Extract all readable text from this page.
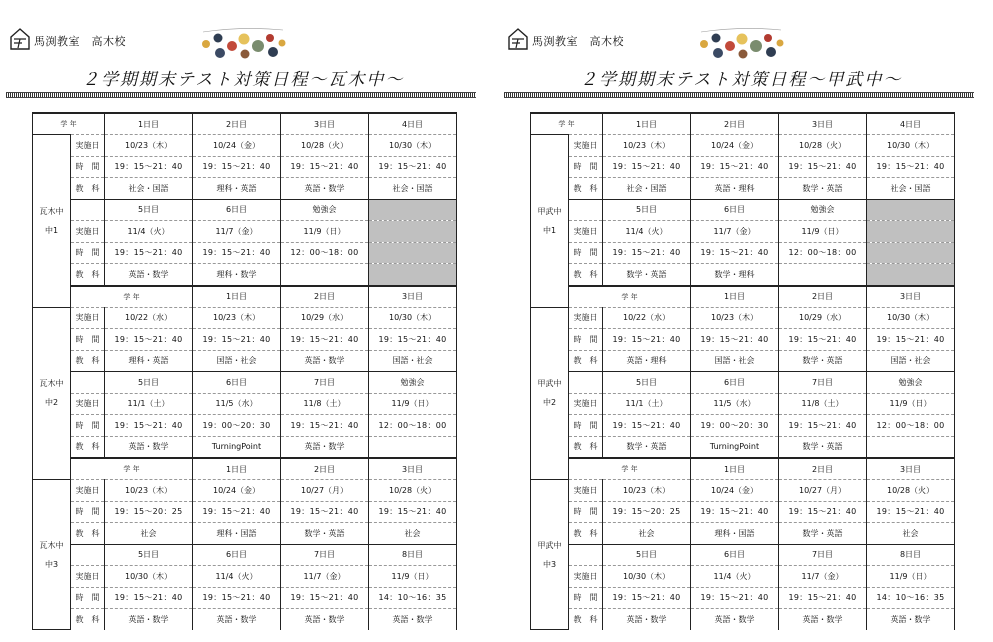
馬渕教室　高木校
２学期期末テスト対策日程～瓦木中～
学 年		1日目	2日目	3日目	4日目	

瓦木中
中1	実施日	10/23（木）	10/24（金）	10/28（火）	10/30（木）	
	時　間	19：15～21：40	19：15～21：40	19：15～21：40	19：15～21：40	
	教　科	社会・国語	理科・英語	英語・数学	社会・国語	
		5日目	6日目	勉強会		
	実施日	11/4（火）	11/7（金）	11/9（日）		
	時　間	19：15～21：40	19：15～21：40	12：00～18：00		
	教　科	英語・数学	理科・数学			
	学 年		1日目	2日目	3日目	

瓦木中
中2	実施日	10/22（水）	10/23（木）	10/29（水）	10/30（木）	
	時　間	19：15～21：40	19：15～21：40	19：15～21：40	19：15～21：40	
	教　科	理科・英語	国語・社会	英語・数学	国語・社会	
		5日目	6日目	7日目	勉強会	
	実施日	11/1（土）	11/5（水）	11/8（土）	11/9（日）	
	時　間	19：15～21：40	19：00～20：30	19：15～21：40	12：00～18：00	
	教　科	英語・数学	TurningPoint	英語・数学		
	学 年		1日目	2日目	3日目	

瓦木中
中3	実施日	10/23（木）	10/24（金）	10/27（月）	10/28（火）	
	時　間	19：15～20：25	19：15～21：40	19：15～21：40	19：15～21：40	
	教　科	社会	理科・国語	数学・英語	社会	
		5日目	6日目	7日目	8日目	
	実施日	10/30（木）	11/4（火）	11/7（金）	11/9（日）	
	時　間	19：15～21：40	19：15～21：40	19：15～21：40	14：10～16：35	
	教　科	英語・数学	英語・数学	英語・数学	英語・数学	
馬渕教室　高木校
２学期期末テスト対策日程～甲武中～
学 年		1日目	2日目	3日目	4日目	

甲武中
中1	実施日	10/23（木）	10/24（金）	10/28（火）	10/30（木）	
	時　間	19：15～21：40	19：15～21：40	19：15～21：40	19：15～21：40	
	教　科	社会・国語	英語・理科	数学・英語	社会・国語	
		5日目	6日目	勉強会		
	実施日	11/4（火）	11/7（金）	11/9（日）		
	時　間	19：15～21：40	19：15～21：40	12：00～18：00		
	教　科	数学・英語	数学・理科			
	学 年		1日目	2日目	3日目	

甲武中
中2	実施日	10/22（水）	10/23（木）	10/29（水）	10/30（木）	
	時　間	19：15～21：40	19：15～21：40	19：15～21：40	19：15～21：40	
	教　科	英語・理科	国語・社会	数学・英語	国語・社会	
		5日目	6日目	7日目	勉強会	
	実施日	11/1（土）	11/5（水）	11/8（土）	11/9（日）	
	時　間	19：15～21：40	19：00～20：30	19：15～21：40	12：00～18：00	
	教　科	数学・英語	TurningPoint	数学・英語		
	学 年		1日目	2日目	3日目	

甲武中
中3	実施日	10/23（木）	10/24（金）	10/27（月）	10/28（火）	
	時　間	19：15～20：25	19：15～21：40	19：15～21：40	19：15～21：40	
	教　科	社会	理科・国語	数学・英語	社会	
		5日目	6日目	7日目	8日目	
	実施日	10/30（木）	11/4（火）	11/7（金）	11/9（日）	
	時　間	19：15～21：40	19：15～21：40	19：15～21：40	14：10～16：35	
	教　科	英語・数学	英語・数学	英語・数学	英語・数学	
